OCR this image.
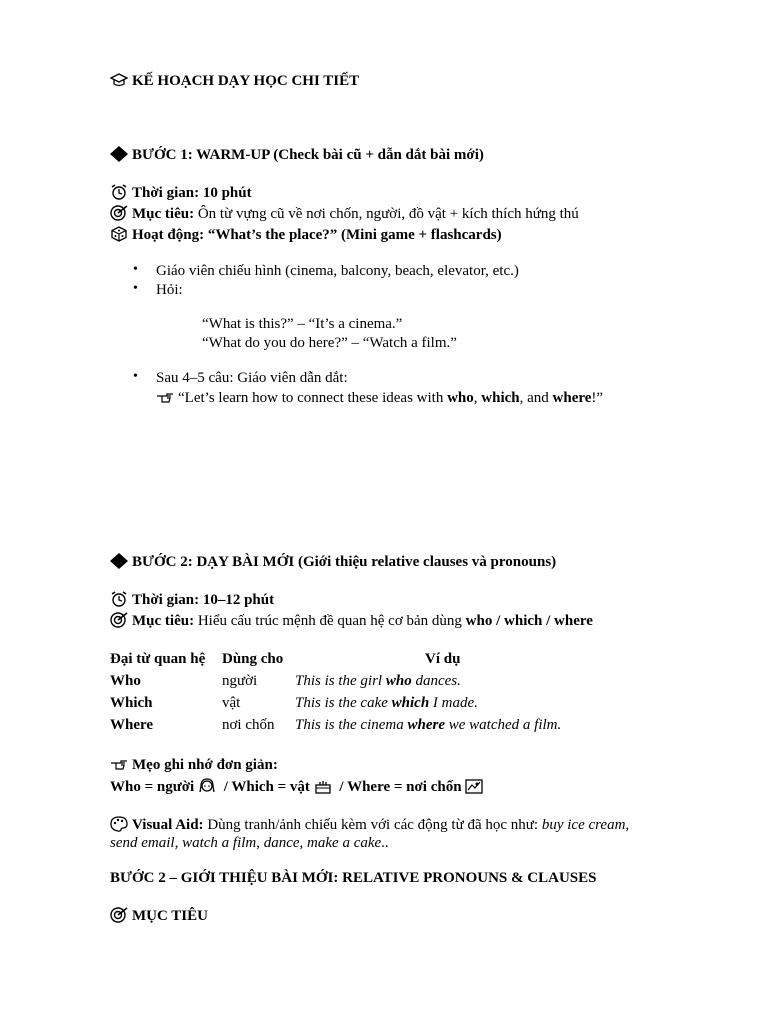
KẾ HOẠCH DẠY HỌC CHI TIẾT
BƯỚC 1: WARM-UP (Check bài cũ + dẫn dắt bài mới)
Thời gian: 10 phút
Mục tiêu: Ôn từ vựng cũ về nơi chốn, người, đồ vật + kích thích hứng thú
Hoạt động: “What’s the place?” (Mini game + flashcards)
• Giáo viên chiếu hình (cinema, balcony, beach, elevator, etc.)
• Hỏi:
“What is this?” – “It’s a cinema.”
“What do you do here?” – “Watch a film.”
• Sau 4–5 câu: Giáo viên dẫn dắt:
“Let’s learn how to connect these ideas with who, which, and where!”
BƯỚC 2: DẠY BÀI MỚI (Giới thiệu relative clauses và pronouns)
Thời gian: 10–12 phút
Mục tiêu: Hiểu cấu trúc mệnh đề quan hệ cơ bản dùng who / which / where
Đại từ quan hệ	Dùng cho	Ví dụ
Who	người	This is the girl who dances.
Which	vật	This is the cake which I made.
Where	nơi chốn	This is the cinema where we watched a film.
Mẹo ghi nhớ đơn giản:
Who = người
/ Which = vật
/ Where = nơi chốn
Visual Aid: Dùng tranh/ảnh chiếu kèm với các động từ đã học như: buy ice cream,
send email, watch a film, dance, make a cake..
BƯỚC 2 – GIỚI THIỆU BÀI MỚI: RELATIVE PRONOUNS & CLAUSES
MỤC TIÊU
